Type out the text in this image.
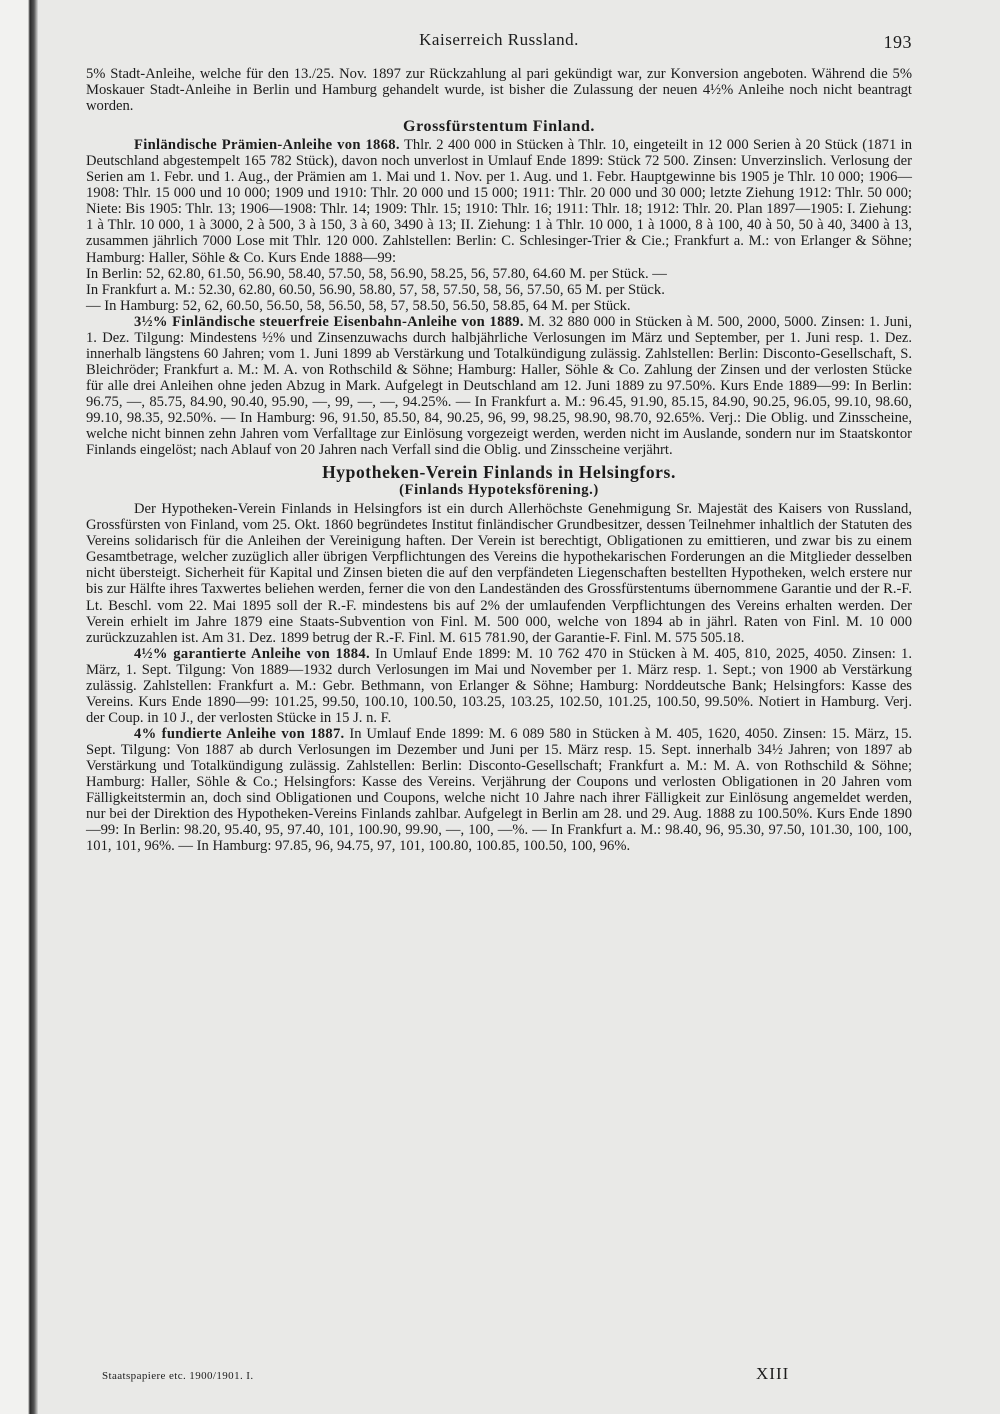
Kaiserreich Russland.	193

5% Stadt-Anleihe, welche für den 13./25. Nov. 1897 zur Rückzahlung al pari gekündigt war, zur Konversion angeboten. Während die 5% Moskauer Stadt-Anleihe in Berlin und Hamburg gehandelt wurde, ist bisher die Zulassung der neuen 4½% Anleihe noch nicht beantragt worden.

Grossfürstentum Finland.

Finländische Prämien-Anleihe von 1868. Thlr. 2 400 000 in Stücken à Thlr. 10, eingeteilt in 12 000 Serien à 20 Stück (1871 in Deutschland abgestempelt 165 782 Stück), davon noch unverlost in Umlauf Ende 1899: Stück 72 500. Zinsen: Unverzinslich. Verlosung der Serien am 1. Febr. und 1. Aug., der Prämien am 1. Mai und 1. Nov. per 1. Aug. und 1. Febr. Hauptgewinne bis 1905 je Thlr. 10 000; 1906—1908: Thlr. 15 000 und 10 000; 1909 und 1910: Thlr. 20 000 und 15 000; 1911: Thlr. 20 000 und 30 000; letzte Ziehung 1912: Thlr. 50 000; Niete: Bis 1905: Thlr. 13; 1906—1908: Thlr. 14; 1909: Thlr. 15; 1910: Thlr. 16; 1911: Thlr. 18; 1912: Thlr. 20. Plan 1897—1905: I. Ziehung: 1 à Thlr. 10 000, 1 à 3000, 2 à 500, 3 à 150, 3 à 60, 3490 à 13; II. Ziehung: 1 à Thlr. 10 000, 1 à 1000, 8 à 100, 40 à 50, 50 à 40, 3400 à 13, zusammen jährlich 7000 Lose mit Thlr. 120 000. Zahlstellen: Berlin: C. Schlesinger-Trier & Cie.; Frankfurt a. M.: von Erlanger & Söhne; Hamburg: Haller, Söhle & Co. Kurs Ende 1888—99:

In Berlin: 52, 62.80, 61.50, 56.90, 58.40, 57.50, 58, 56.90, 58.25, 56, 57.80, 64.60 M. per Stück. —

In Frankfurt a. M.: 52.30, 62.80, 60.50, 56.90, 58.80, 57, 58, 57.50, 58, 56, 57.50, 65 M. per Stück.

— In Hamburg: 52, 62, 60.50, 56.50, 58, 56.50, 58, 57, 58.50, 56.50, 58.85, 64 M. per Stück.

3½% Finländische steuerfreie Eisenbahn-Anleihe von 1889. M. 32 880 000 in Stücken à M. 500, 2000, 5000. Zinsen: 1. Juni, 1. Dez. Tilgung: Mindestens ½% und Zinsenzuwachs durch halbjährliche Verlosungen im März und September, per 1. Juni resp. 1. Dez. innerhalb längstens 60 Jahren; vom 1. Juni 1899 ab Verstärkung und Totalkündigung zulässig. Zahlstellen: Berlin: Disconto-Gesellschaft, S. Bleichröder; Frankfurt a. M.: M. A. von Rothschild & Söhne; Hamburg: Haller, Söhle & Co. Zahlung der Zinsen und der verlosten Stücke für alle drei Anleihen ohne jeden Abzug in Mark. Aufgelegt in Deutschland am 12. Juni 1889 zu 97.50%. Kurs Ende 1889—99: In Berlin: 96.75, —, 85.75, 84.90, 90.40, 95.90, —, 99, —, —, 94.25%. — In Frankfurt a. M.: 96.45, 91.90, 85.15, 84.90, 90.25, 96.05, 99.10, 98.60, 99.10, 98.35, 92.50%. — In Hamburg: 96, 91.50, 85.50, 84, 90.25, 96, 99, 98.25, 98.90, 98.70, 92.65%. Verj.: Die Oblig. und Zinsscheine, welche nicht binnen zehn Jahren vom Verfalltage zur Einlösung vorgezeigt werden, werden nicht im Auslande, sondern nur im Staatskontor Finlands eingelöst; nach Ablauf von 20 Jahren nach Verfall sind die Oblig. und Zinsscheine verjährt.

Hypotheken-Verein Finlands in Helsingfors.
(Finlands Hypoteksförening.)

Der Hypotheken-Verein Finlands in Helsingfors ist ein durch Allerhöchste Genehmigung Sr. Majestät des Kaisers von Russland, Grossfürsten von Finland, vom 25. Okt. 1860 begründetes Institut finländischer Grundbesitzer, dessen Teilnehmer inhaltlich der Statuten des Vereins solidarisch für die Anleihen der Vereinigung haften. Der Verein ist berechtigt, Obligationen zu emittieren, und zwar bis zu einem Gesamtbetrage, welcher zuzüglich aller übrigen Verpflichtungen des Vereins die hypothekarischen Forderungen an die Mitglieder desselben nicht übersteigt. Sicherheit für Kapital und Zinsen bieten die auf den verpfändeten Liegenschaften bestellten Hypotheken, welch erstere nur bis zur Hälfte ihres Taxwertes beliehen werden, ferner die von den Landeständen des Grossfürstentums übernommene Garantie und der R.-F. Lt. Beschl. vom 22. Mai 1895 soll der R.-F. mindestens bis auf 2% der umlaufenden Verpflichtungen des Vereins erhalten werden. Der Verein erhielt im Jahre 1879 eine Staats-Subvention von Finl. M. 500 000, welche von 1894 ab in jährl. Raten von Finl. M. 10 000 zurückzuzahlen ist. Am 31. Dez. 1899 betrug der R.-F. Finl. M. 615 781.90, der Garantie-F. Finl. M. 575 505.18.

4½% garantierte Anleihe von 1884. In Umlauf Ende 1899: M. 10 762 470 in Stücken à M. 405, 810, 2025, 4050. Zinsen: 1. März, 1. Sept. Tilgung: Von 1889—1932 durch Verlosungen im Mai und November per 1. März resp. 1. Sept.; von 1900 ab Verstärkung zulässig. Zahlstellen: Frankfurt a. M.: Gebr. Bethmann, von Erlanger & Söhne; Hamburg: Norddeutsche Bank; Helsingfors: Kasse des Vereins. Kurs Ende 1890—99: 101.25, 99.50, 100.10, 100.50, 103.25, 103.25, 102.50, 101.25, 100.50, 99.50%. Notiert in Hamburg. Verj. der Coup. in 10 J., der verlosten Stücke in 15 J. n. F.

4% fundierte Anleihe von 1887. In Umlauf Ende 1899: M. 6 089 580 in Stücken à M. 405, 1620, 4050. Zinsen: 15. März, 15. Sept. Tilgung: Von 1887 ab durch Verlosungen im Dezember und Juni per 15. März resp. 15. Sept. innerhalb 34½ Jahren; von 1897 ab Verstärkung und Totalkündigung zulässig. Zahlstellen: Berlin: Disconto-Gesellschaft; Frankfurt a. M.: M. A. von Rothschild & Söhne; Hamburg: Haller, Söhle & Co.; Helsingfors: Kasse des Vereins. Verjährung der Coupons und verlosten Obligationen in 20 Jahren vom Fälligkeitstermin an, doch sind Obligationen und Coupons, welche nicht 10 Jahre nach ihrer Fälligkeit zur Einlösung angemeldet werden, nur bei der Direktion des Hypotheken-Vereins Finlands zahlbar. Aufgelegt in Berlin am 28. und 29. Aug. 1888 zu 100.50%. Kurs Ende 1890—99: In Berlin: 98.20, 95.40, 95, 97.40, 101, 100.90, 99.90, —, 100, —%. — In Frankfurt a. M.: 98.40, 96, 95.30, 97.50, 101.30, 100, 100, 101, 101, 96%. — In Hamburg: 97.85, 96, 94.75, 97, 101, 100.80, 100.85, 100.50, 100, 96%.

Staatspapiere etc. 1900/1901. I.	XIII
